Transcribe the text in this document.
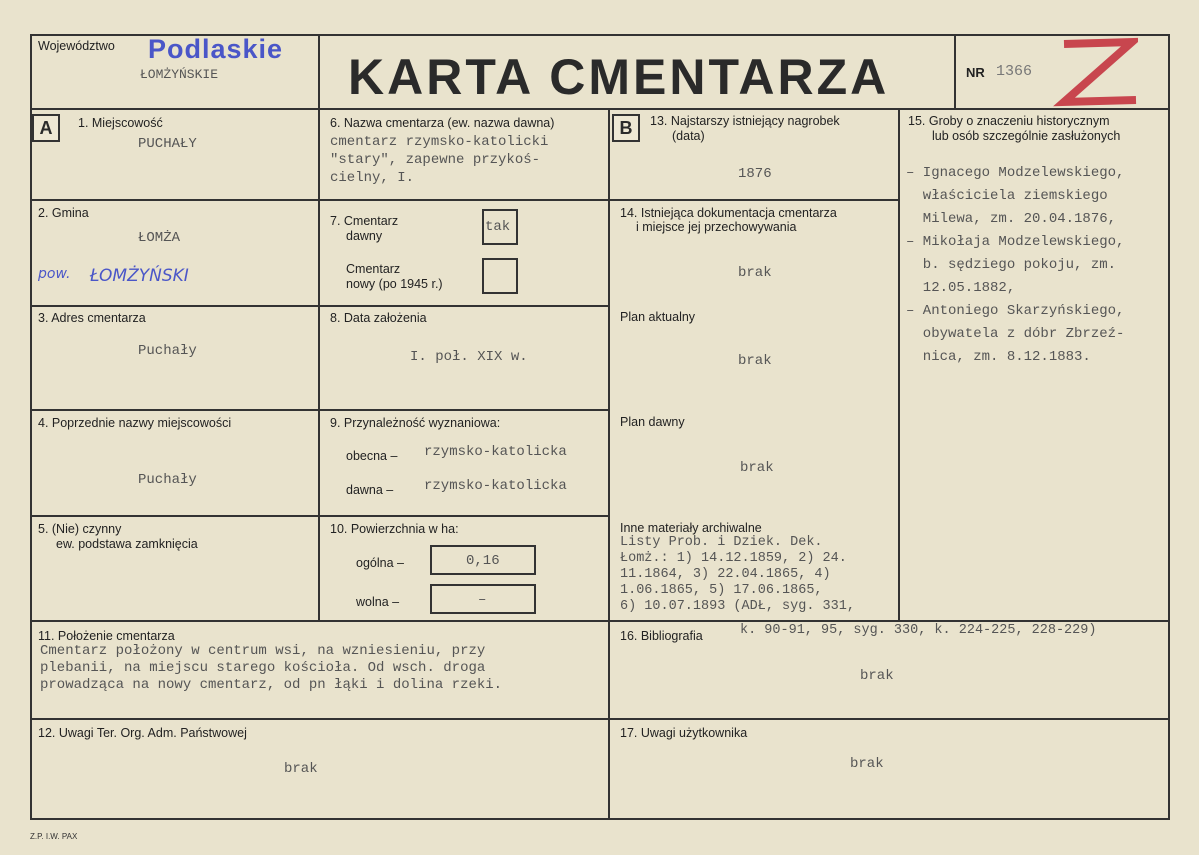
Województwo Podlaskie
ŁOMŻYŃSKIE	KARTA CMENTARZA	NR 1366
A	1. Miejscowość
PUCHAŁY
2. Gmina
ŁOMŻA
pow. ŁOMŻYŃSKI
3. Adres cmentarza
Puchały
4. Poprzednie nazwy miejscowości
Puchały
5. (Nie) czynny
ew. podstawa zamknięcia
6. Nazwa cmentarza (ew. nazwa dawna)
cmentarz rzymsko-katolicki
"stary", zapewne przykoś-
cielny, I.
7. Cmentarz
dawny
tak
Cmentarz
nowy (po 1945 r.)
8. Data założenia
I. poł. XIX w.
9. Przynależność wyznaniowa:
obecna – rzymsko-katolicka
dawna – rzymsko-katolicka
10. Powierzchnia w ha:
ogólna –	0,16
wolna –	–
B	13. Najstarszy istniejący nagrobek
(data)
1876
14. Istniejąca dokumentacja cmentarza
i miejsce jej przechowywania
brak
Plan aktualny
brak
Plan dawny
brak
Inne materiały archiwalne
Listy Prob. i Dziek. Dek.
Łomż.: 1) 14.12.1859, 2) 24.
11.1864, 3) 22.04.1865, 4)
1.06.1865, 5) 17.06.1865,
6) 10.07.1893 (ADŁ, syg. 331,
k. 90-91, 95, syg. 330, k. 224-225, 228-229)
15. Groby o znaczeniu historycznym
lub osób szczególnie zasłużonych
– Ignacego Modzelewskiego,
właściciela ziemskiego
Milewa, zm. 20.04.1876,
– Mikołaja Modzelewskiego,
b. sędziego pokoju, zm.
12.05.1882,
– Antoniego Skarzyńskiego,
obywatela z dóbr Zbrzeź-
nica, zm. 8.12.1883.
11. Położenie cmentarza
Cmentarz położony w centrum wsi, na wzniesieniu, przy
plebanii, na miejscu starego kościoła. Od wsch. droga
prowadząca na nowy cmentarz, od pn łąki i dolina rzeki.
16. Bibliografia
brak
12. Uwagi Ter. Org. Adm. Państwowej
brak
17. Uwagi użytkownika
brak
Z.P. I.W. PAX
